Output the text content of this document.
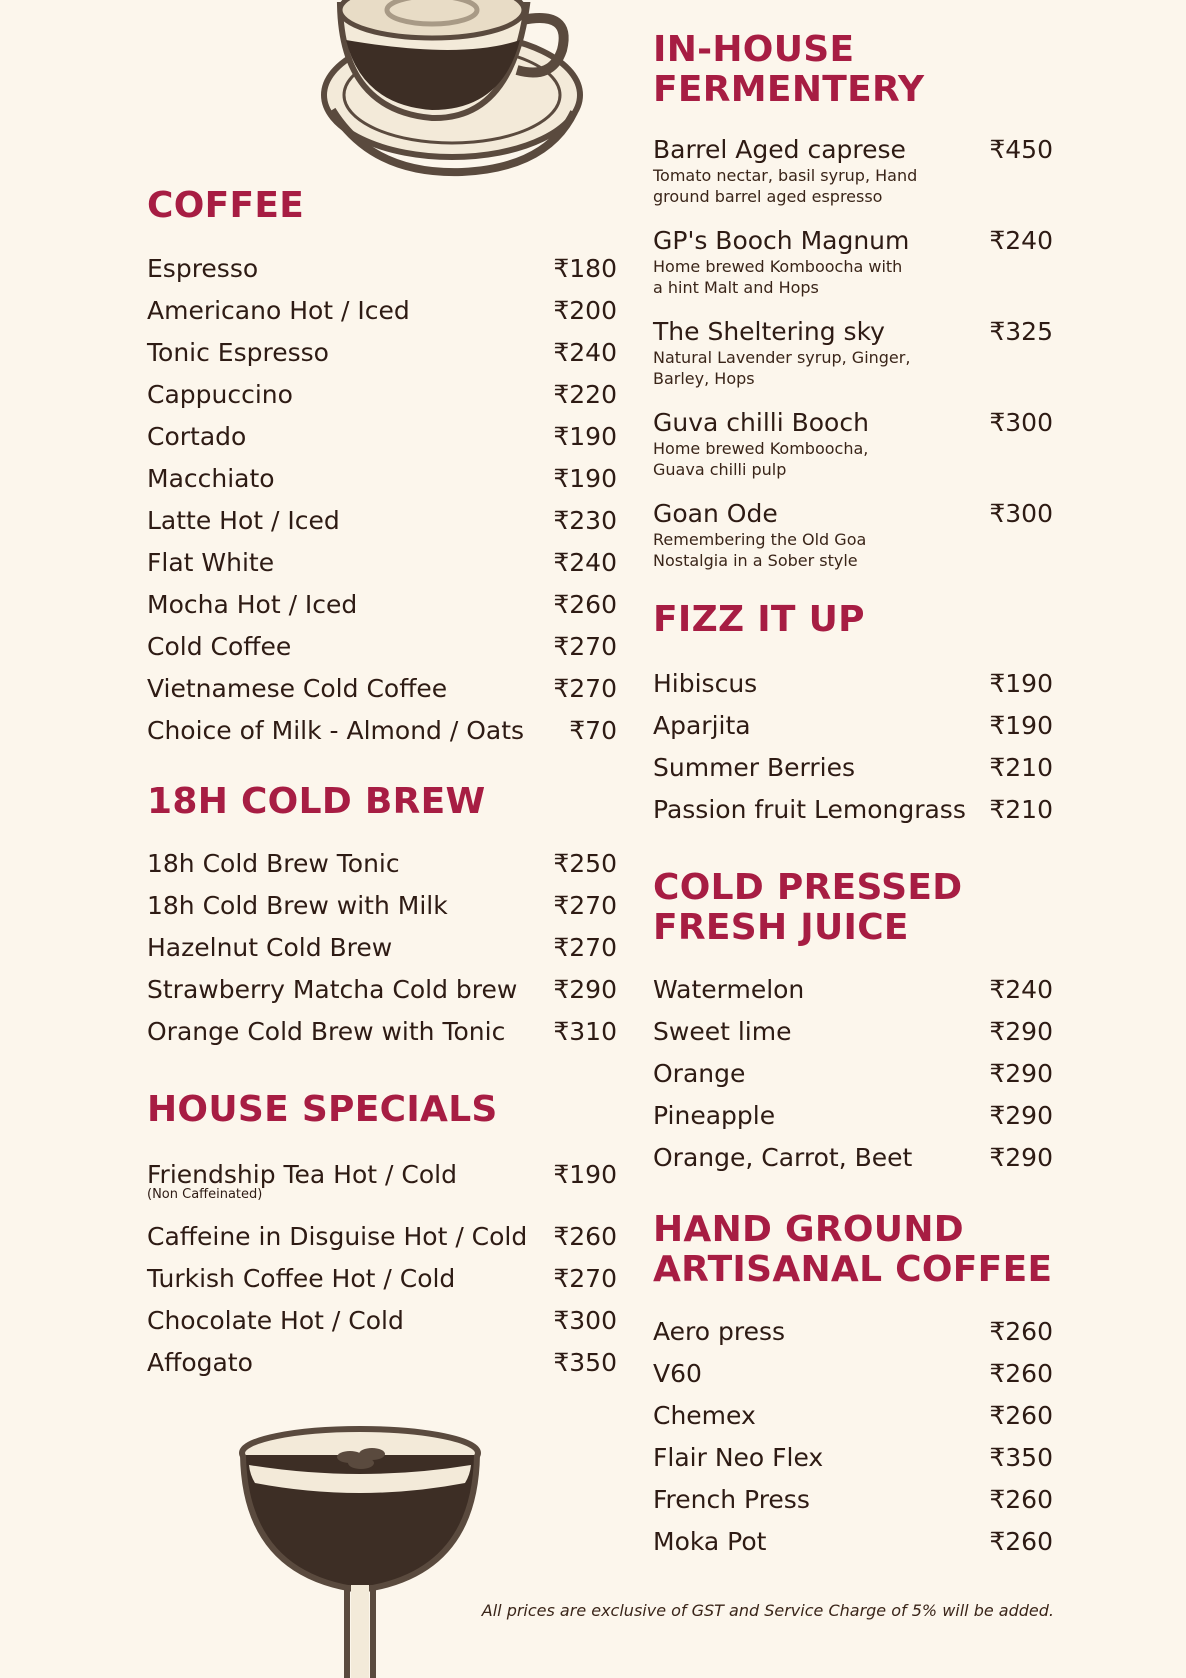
COFFEE
Espresso	₹180
Americano Hot / Iced	₹200
Tonic Espresso	₹240
Cappuccino	₹220
Cortado	₹190
Macchiato	₹190
Latte Hot / Iced	₹230
Flat White	₹240
Mocha Hot / Iced	₹260
Cold Coffee	₹270
Vietnamese Cold Coffee	₹270
Choice of Milk - Almond / Oats ₹70
18H COLD BREW
18h Cold Brew Tonic	₹250
18h Cold Brew with Milk	₹270
Hazelnut Cold Brew	₹270
Strawberry Matcha Cold brew ₹290
Orange Cold Brew with Tonic ₹310
HOUSE SPECIALS
Friendship Tea Hot / Cold
(Non Caffeinated)
₹190
Caffeine in Disguise Hot / Cold ₹260
Turkish Coffee Hot / Cold	₹270
Chocolate Hot / Cold	₹300
Affogato	₹350
IN-HOUSE
FERMENTERY
Barrel Aged caprese	₹450
Tomato nectar, basil syrup, Hand
ground barrel aged espresso
GP's Booch Magnum	₹240
Home brewed Komboocha with
a hint Malt and Hops
The Sheltering sky	₹325
Natural Lavender syrup, Ginger,
Barley, Hops
Guva chilli Booch	₹300
Home brewed Komboocha,
Guava chilli pulp
Goan Ode	₹300
Remembering the Old Goa
Nostalgia in a Sober style
FIZZ IT UP
Hibiscus	₹190
Aparjita	₹190
Summer Berries	₹210
Passion fruit Lemongrass ₹210
COLD PRESSED
FRESH JUICE
Watermelon	₹240
Sweet lime	₹290
Orange	₹290
Pineapple	₹290
Orange, Carrot, Beet	₹290
HAND GROUND
ARTISANAL COFFEE
Aero press	₹260
V60	₹260
Chemex	₹260
Flair Neo Flex	₹350
French Press	₹260
Moka Pot	₹260
All prices are exclusive of GST and Service Charge of 5% will be added.
